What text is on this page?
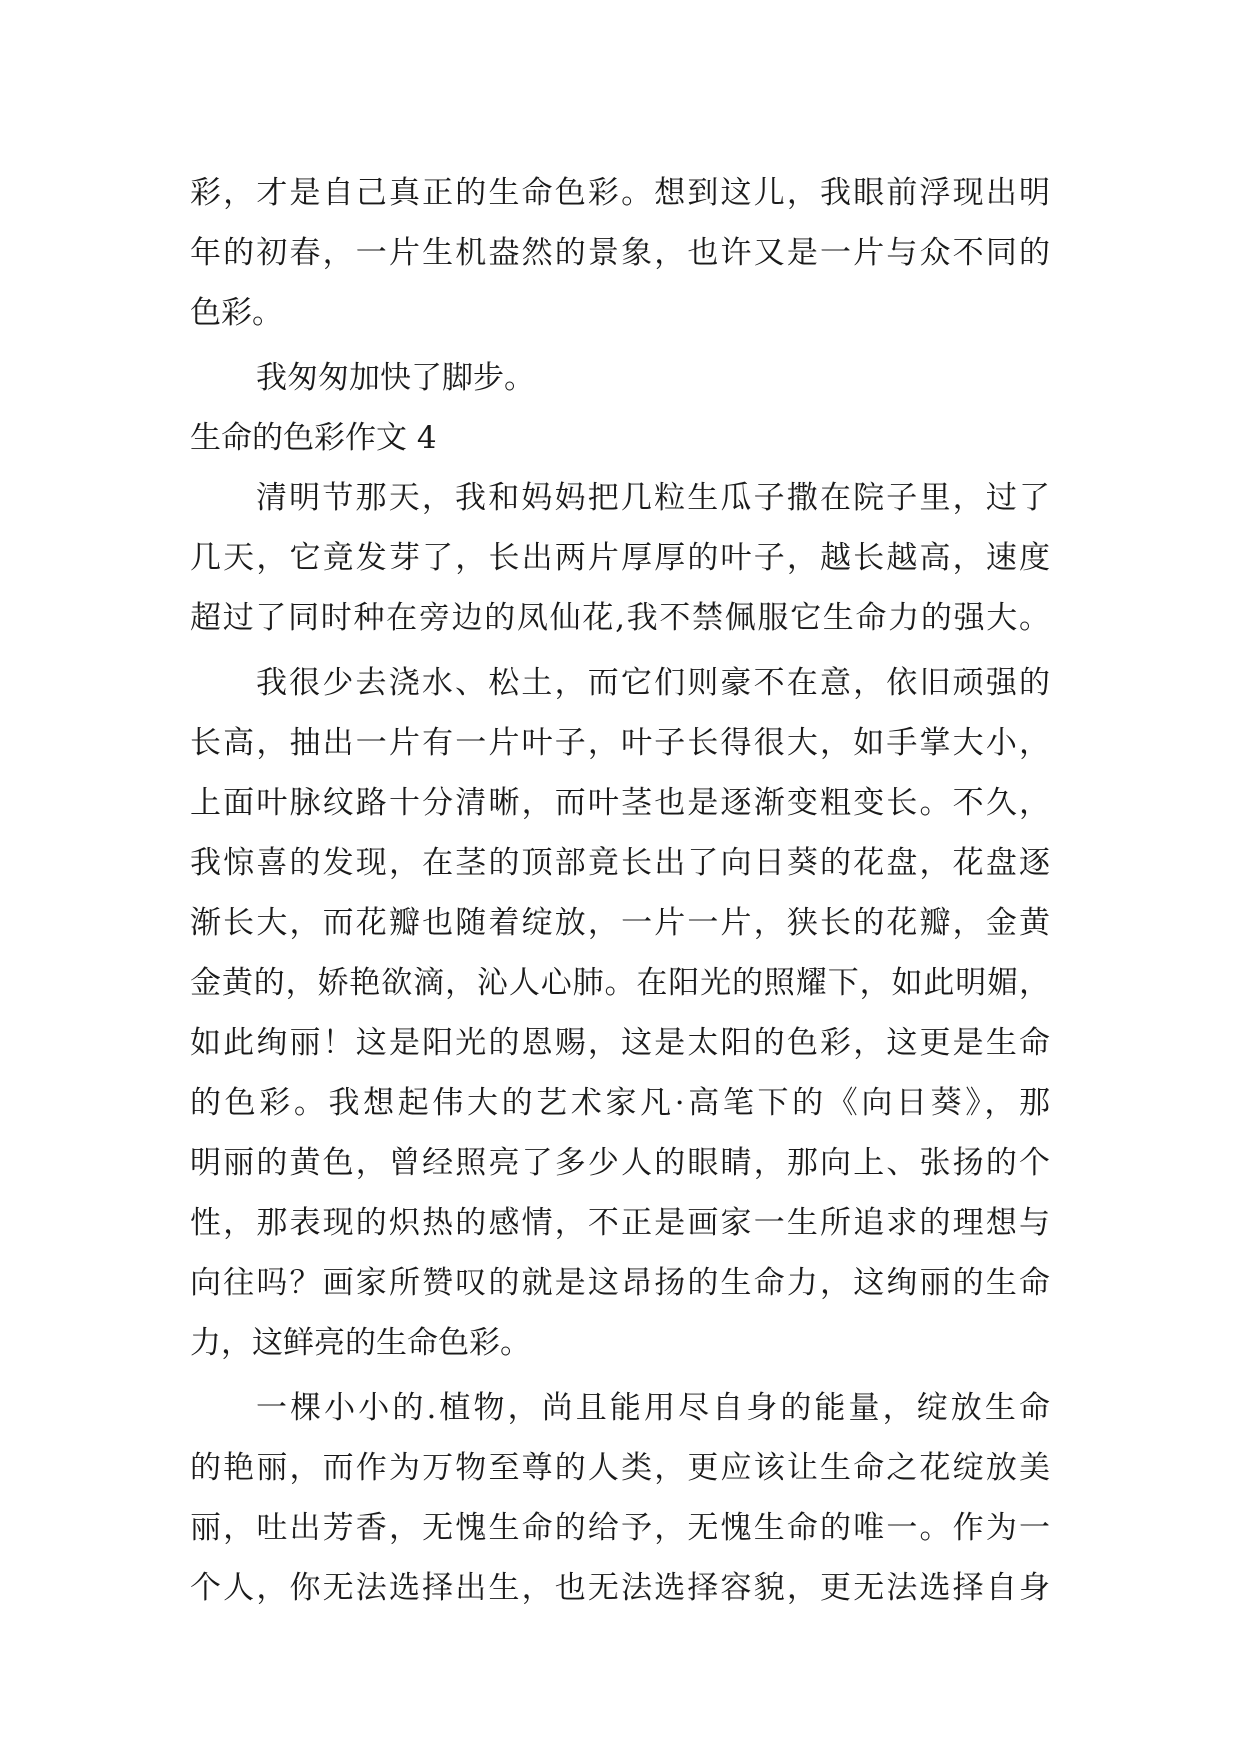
彩，才是自己真正的生命色彩。想到这儿，我眼前浮现出明
年的初春，一片生机盎然的景象，也许又是一片与众不同的
色彩。
我匆匆加快了脚步。
生命的色彩作文 4
清明节那天，我和妈妈把几粒生瓜子撒在院子里，过了
几天，它竟发芽了，长出两片厚厚的叶子，越长越高，速度
超过了同时种在旁边的凤仙花,我不禁佩服它生命力的强大。
我很少去浇水、松土，而它们则豪不在意，依旧顽强的
长高，抽出一片有一片叶子，叶子长得很大，如手掌大小，
上面叶脉纹路十分清晰，而叶茎也是逐渐变粗变长。不久，
我惊喜的发现，在茎的顶部竟长出了向日葵的花盘，花盘逐
渐长大，而花瓣也随着绽放，一片一片，狭长的花瓣，金黄
金黄的，娇艳欲滴，沁人心肺。在阳光的照耀下，如此明媚，
如此绚丽！这是阳光的恩赐，这是太阳的色彩，这更是生命
的色彩。我想起伟大的艺术家凡·高笔下的《向日葵》，那
明丽的黄色，曾经照亮了多少人的眼睛，那向上、张扬的个
性，那表现的炽热的感情，不正是画家一生所追求的理想与
向往吗？画家所赞叹的就是这昂扬的生命力，这绚丽的生命
力，这鲜亮的生命色彩。
一棵小小的.植物，尚且能用尽自身的能量，绽放生命
的艳丽，而作为万物至尊的人类，更应该让生命之花绽放美
丽，吐出芳香，无愧生命的给予，无愧生命的唯一。作为一
个人，你无法选择出生，也无法选择容貌，更无法选择自身
